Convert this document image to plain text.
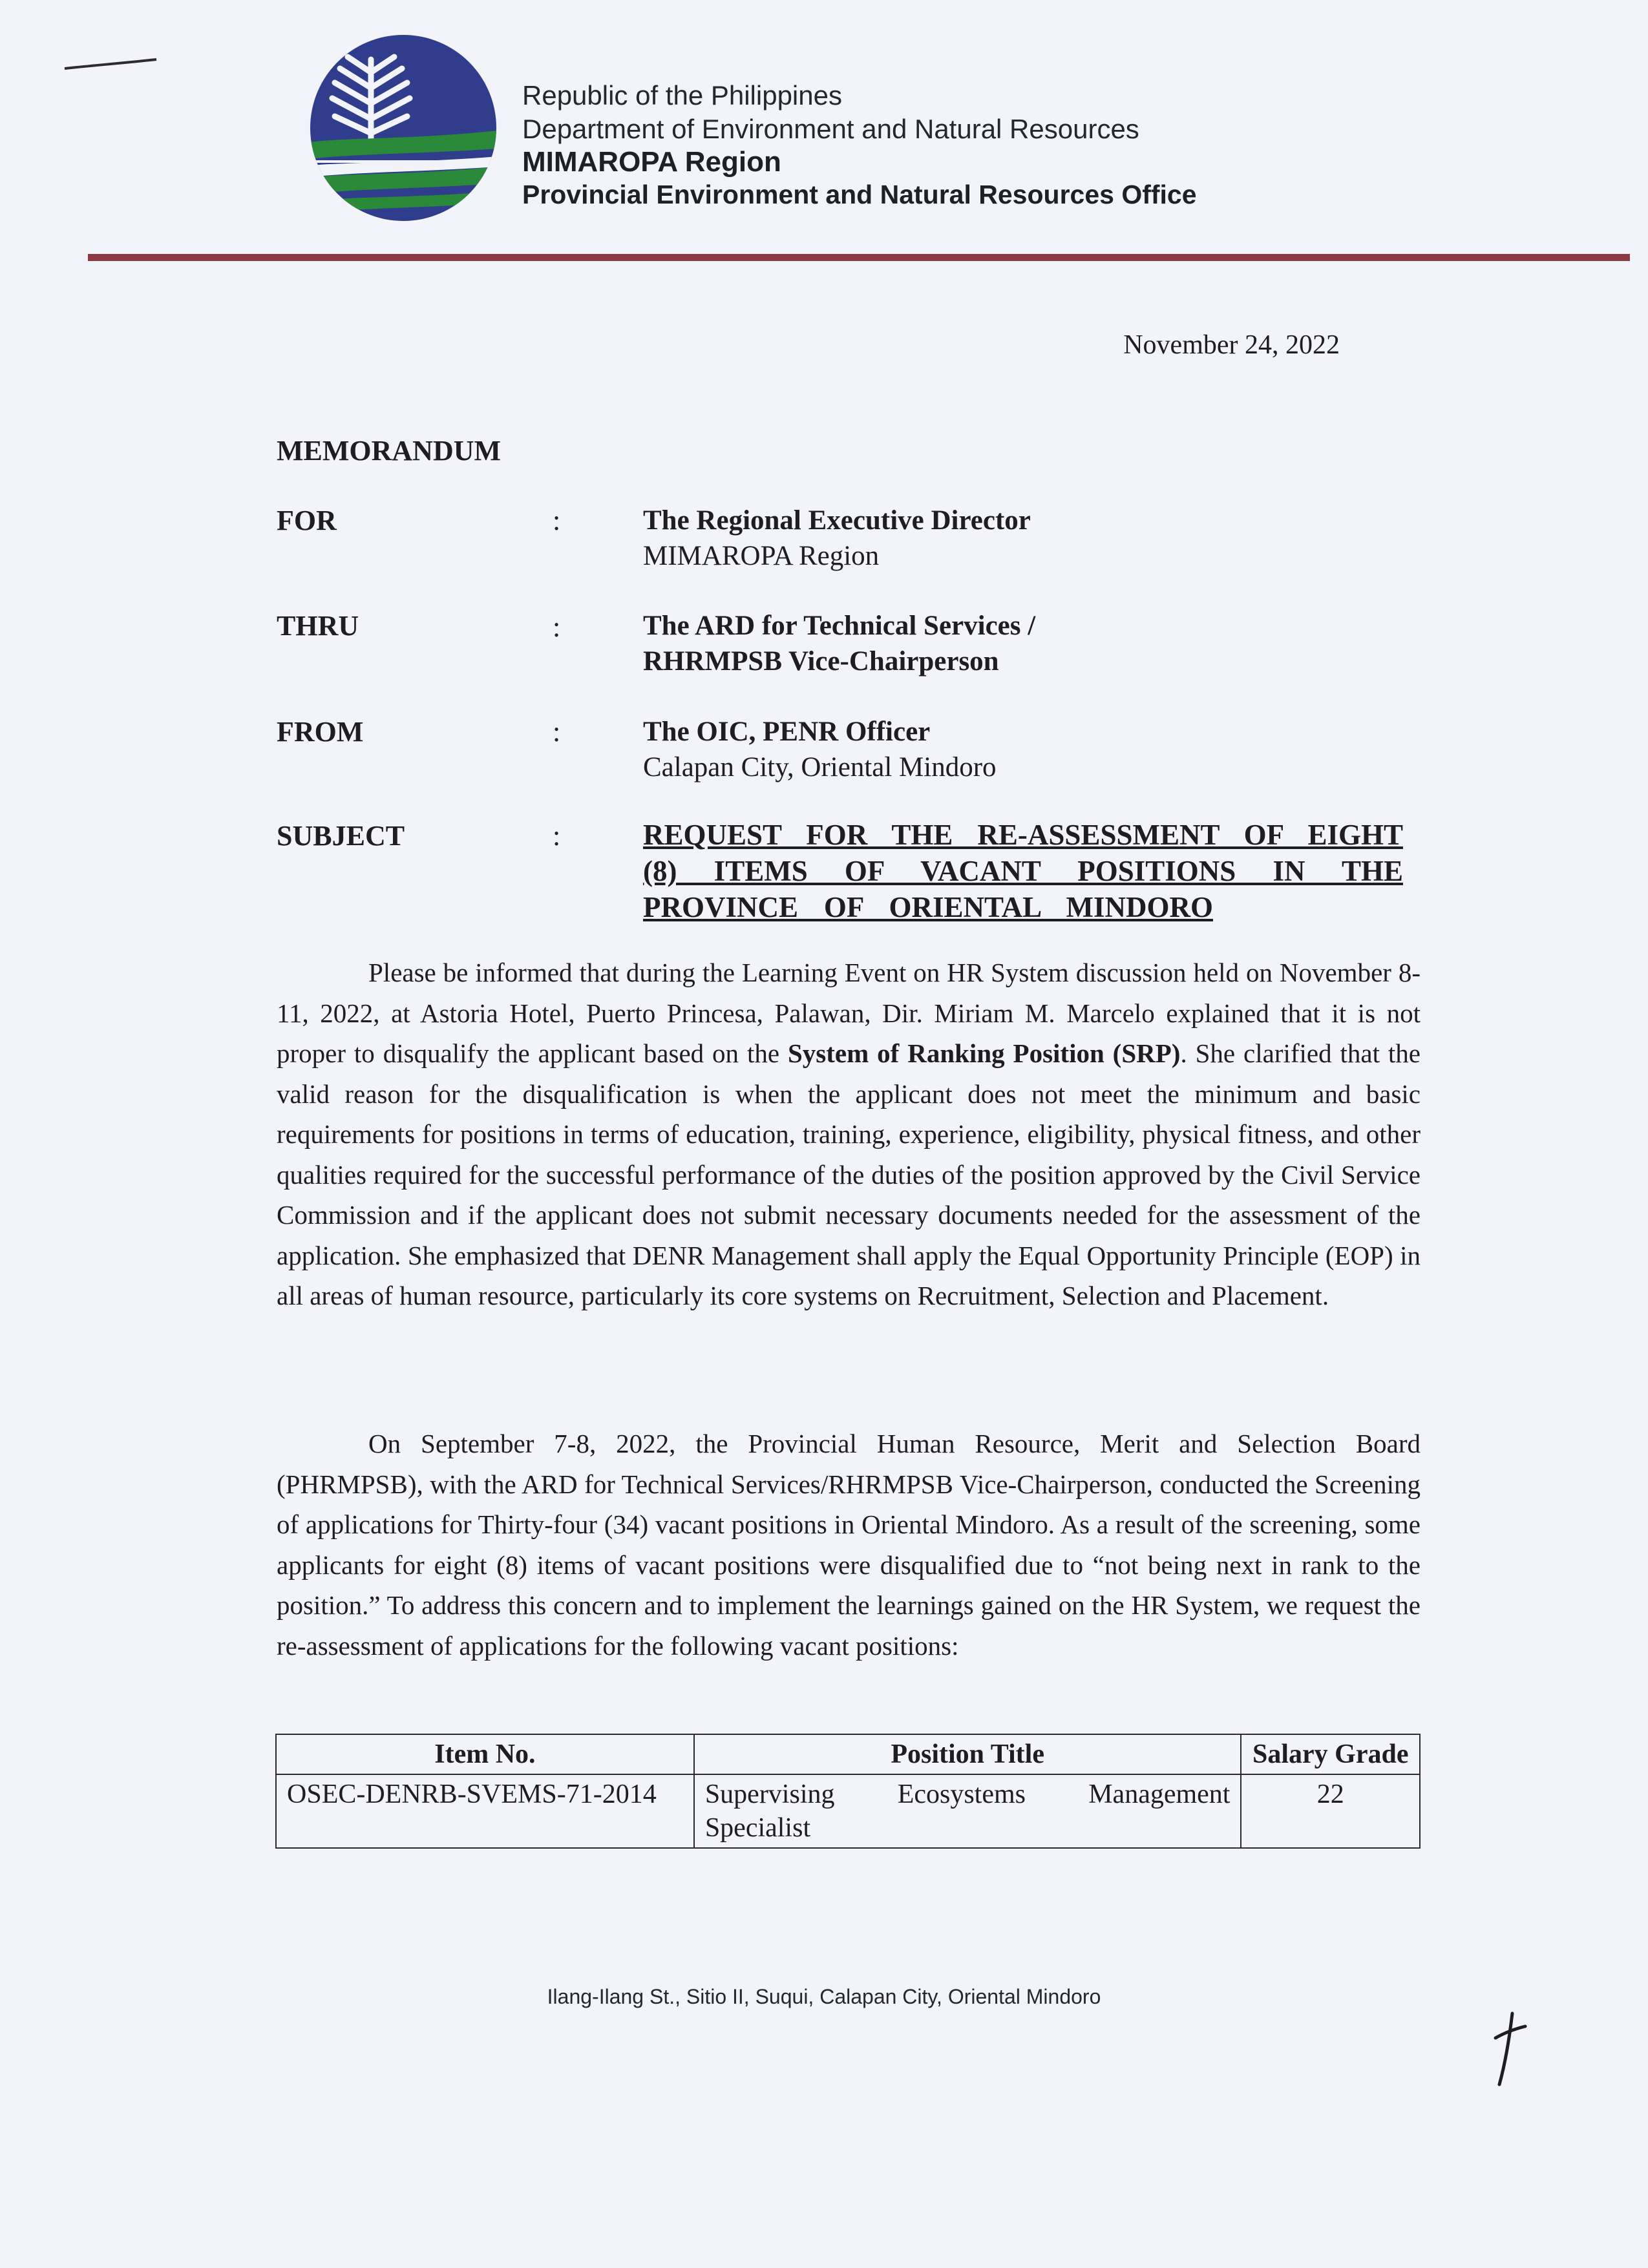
Republic of the Philippines
Department of Environment and Natural Resources
MIMAROPA Region
Provincial Environment and Natural Resources Office
November 24, 2022
MEMORANDUM
FOR	:	The Regional Executive Director
MIMAROPA Region
THRU	:	The ARD for Technical Services /
RHRMPSB Vice-Chairperson
FROM	:	The OIC, PENR Officer
Calapan City, Oriental Mindoro
SUBJECT	:	REQUEST FOR THE RE-ASSESSMENT OF EIGHT
(8) ITEMS OF VACANT POSITIONS IN THE
PROVINCE OF ORIENTAL MINDORO

Please be informed that during the Learning Event on HR System discussion held on November 8-11, 2022, at Astoria Hotel, Puerto Princesa, Palawan, Dir. Miriam M. Marcelo explained that it is not proper to disqualify the applicant based on the System of Ranking Position (SRP). She clarified that the valid reason for the disqualification is when the applicant does not meet the minimum and basic requirements for positions in terms of education, training, experience, eligibility, physical fitness, and other qualities required for the successful performance of the duties of the position approved by the Civil Service Commission and if the applicant does not submit necessary documents needed for the assessment of the application. She emphasized that DENR Management shall apply the Equal Opportunity Principle (EOP) in all areas of human resource, particularly its core systems on Recruitment, Selection and Placement.

On September 7-8, 2022, the Provincial Human Resource, Merit and Selection Board (PHRMPSB), with the ARD for Technical Services/RHRMPSB Vice-Chairperson, conducted the Screening of applications for Thirty-four (34) vacant positions in Oriental Mindoro. As a result of the screening, some applicants for eight (8) items of vacant positions were disqualified due to “not being next in rank to the position.” To address this concern and to implement the learnings gained on the HR System, we request the re-assessment of applications for the following vacant positions:

Item No.	Position Title	Salary Grade
OSEC-DENRB-SVEMS-71-2014	Supervising Ecosystems Management Specialist	22
Ilang-Ilang St., Sitio II, Suqui, Calapan City, Oriental Mindoro
